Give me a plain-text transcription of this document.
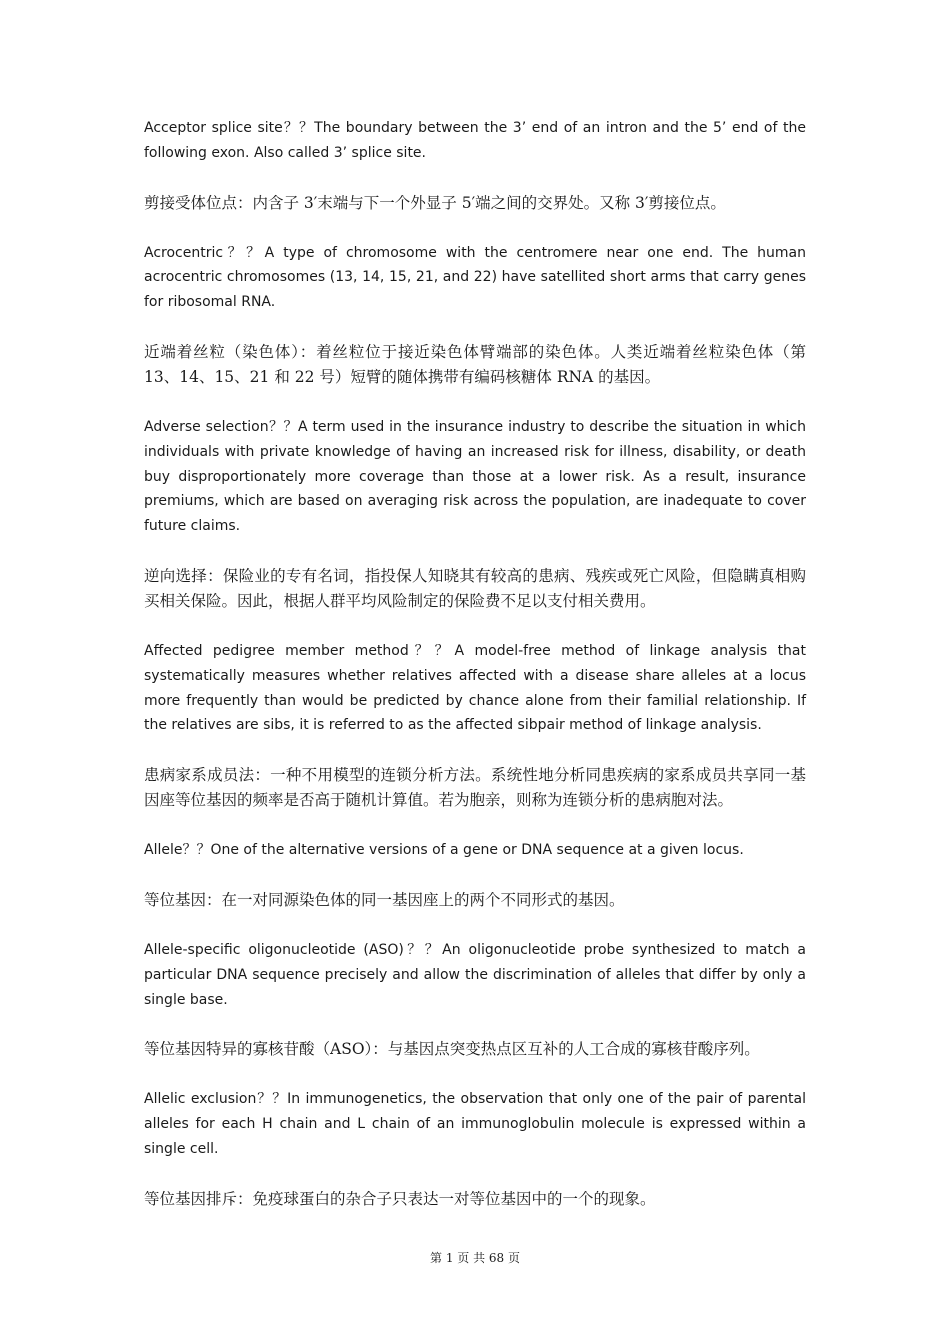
Acceptor splice site？？The boundary between the 3’ end of an intron and the 5’ end of the following exon. Also called 3’ splice site.

剪接受体位点：内含子 3′末端与下一个外显子 5′端之间的交界处。又称 3′剪接位点。

Acrocentric？？A type of chromosome with the centromere near one end. The human acrocentric chromosomes (13, 14, 15, 21, and 22) have satellited short arms that carry genes for ribosomal RNA.

近端着丝粒（染色体）：着丝粒位于接近染色体臂端部的染色体。人类近端着丝粒染色体（第 13、14、15、21 和 22 号）短臂的随体携带有编码核糖体 RNA 的基因。

Adverse selection？？A term used in the insurance industry to describe the situation in which individuals with private knowledge of having an increased risk for illness, disability, or death buy disproportionately more coverage than those at a lower risk. As a result, insurance premiums, which are based on averaging risk across the population, are inadequate to cover future claims.

逆向选择：保险业的专有名词，指投保人知晓其有较高的患病、残疾或死亡风险，但隐瞒真相购买相关保险。因此，根据人群平均风险制定的保险费不足以支付相关费用。

Affected pedigree member method？？A model-free method of linkage analysis that systematically measures whether relatives affected with a disease share alleles at a locus more frequently than would be predicted by chance alone from their familial relationship. If the relatives are sibs, it is referred to as the affected sibpair method of linkage analysis.

患病家系成员法：一种不用模型的连锁分析方法。系统性地分析同患疾病的家系成员共享同一基因座等位基因的频率是否高于随机计算值。若为胞亲，则称为连锁分析的患病胞对法。

Allele？？One of the alternative versions of a gene or DNA sequence at a given locus.

等位基因：在一对同源染色体的同一基因座上的两个不同形式的基因。

Allele-specific oligonucleotide (ASO)？？An oligonucleotide probe synthesized to match a particular DNA sequence precisely and allow the discrimination of alleles that differ by only a single base.

等位基因特异的寡核苷酸（ASO）：与基因点突变热点区互补的人工合成的寡核苷酸序列。

Allelic exclusion？？In immunogenetics, the observation that only one of the pair of parental alleles for each H chain and L chain of an immunoglobulin molecule is expressed within a single cell.

等位基因排斥：免疫球蛋白的杂合子只表达一对等位基因中的一个的现象。

第 1 页 共 68 页
